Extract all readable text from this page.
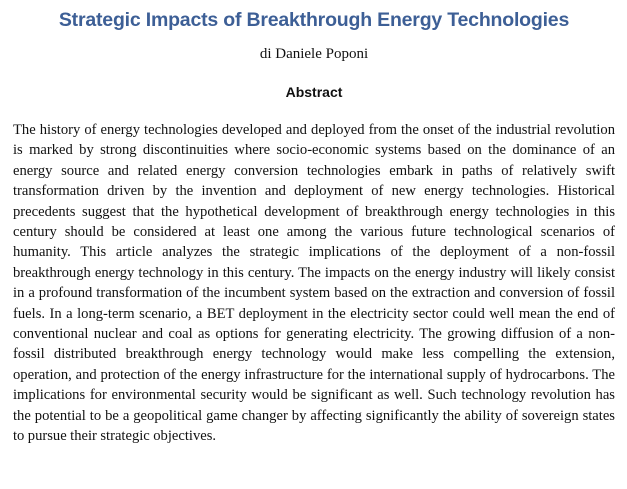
Strategic Impacts of Breakthrough Energy Technologies
di Daniele Poponi
Abstract

The history of energy technologies developed and deployed from the onset of the industrial revolution is marked by strong discontinuities where socio-economic systems based on the dominance of an energy source and related energy conversion technologies embark in paths of relatively swift transformation driven by the invention and deployment of new energy technologies. Historical precedents suggest that the hypothetical development of breakthrough energy technologies in this century should be considered at least one among the various future technological scenarios of humanity. This article analyzes the strategic implications of the deployment of a non-fossil breakthrough energy technology in this century. The impacts on the energy industry will likely consist in a profound transformation of the incumbent system based on the extraction and conversion of fossil fuels. In a long-term scenario, a BET deployment in the electricity sector could well mean the end of conventional nuclear and coal as options for generating electricity. The growing diffusion of a non-fossil distributed breakthrough energy technology would make less compelling the extension, operation, and protection of the energy infrastructure for the international supply of hydrocarbons. The implications for environmental security would be significant as well. Such technology revolution has the potential to be a geopolitical game changer by affecting significantly the ability of sovereign states to pursue their strategic objectives.
